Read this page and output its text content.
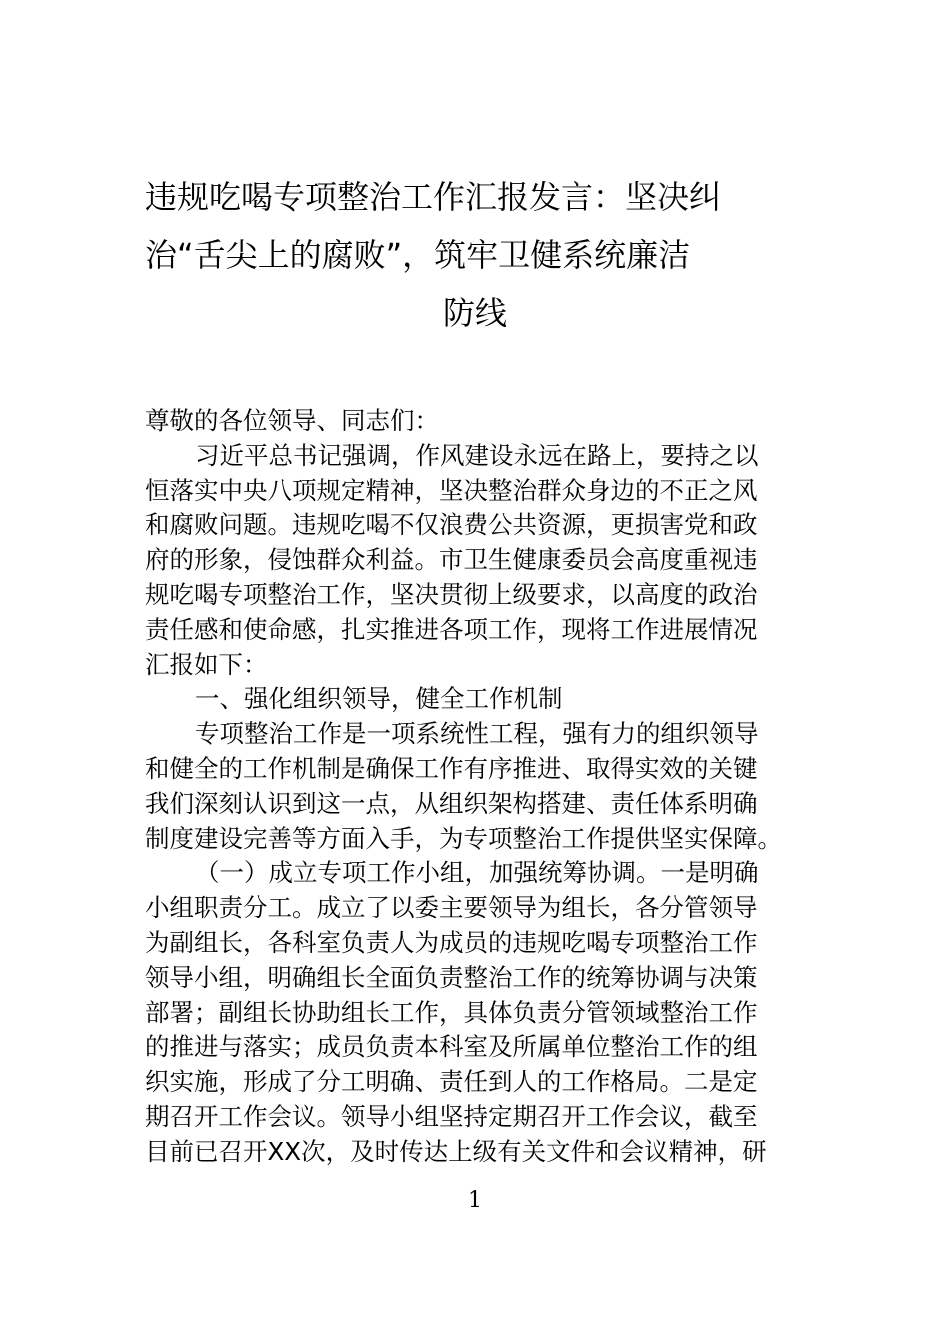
违规吃喝专项整治工作汇报发言：坚决纠
治“舌尖上的腐败”，筑牢卫健系统廉洁
防线
尊敬的各位领导、同志们：
习近平总书记强调，作风建设永远在路上，要持之以
恒落实中央八项规定精神，坚决整治群众身边的不正之风
和腐败问题。违规吃喝不仅浪费公共资源，更损害党和政
府的形象，侵蚀群众利益。市卫生健康委员会高度重视违
规吃喝专项整治工作，坚决贯彻上级要求，以高度的政治
责任感和使命感，扎实推进各项工作，现将工作进展情况
汇报如下：
一、强化组织领导，健全工作机制
专项整治工作是一项系统性工程，强有力的组织领导
和健全的工作机制是确保工作有序推进、取得实效的关键
我们深刻认识到这一点，从组织架构搭建、责任体系明确
制度建设完善等方面入手，为专项整治工作提供坚实保障。
（一）成立专项工作小组，加强统筹协调。一是明确
小组职责分工。成立了以委主要领导为组长，各分管领导
为副组长，各科室负责人为成员的违规吃喝专项整治工作
领导小组，明确组长全面负责整治工作的统筹协调与决策
部署；副组长协助组长工作，具体负责分管领域整治工作
的推进与落实；成员负责本科室及所属单位整治工作的组
织实施，形成了分工明确、责任到人的工作格局。二是定
期召开工作会议。领导小组坚持定期召开工作会议，截至
目前已召开XX次，及时传达上级有关文件和会议精神，研
1
